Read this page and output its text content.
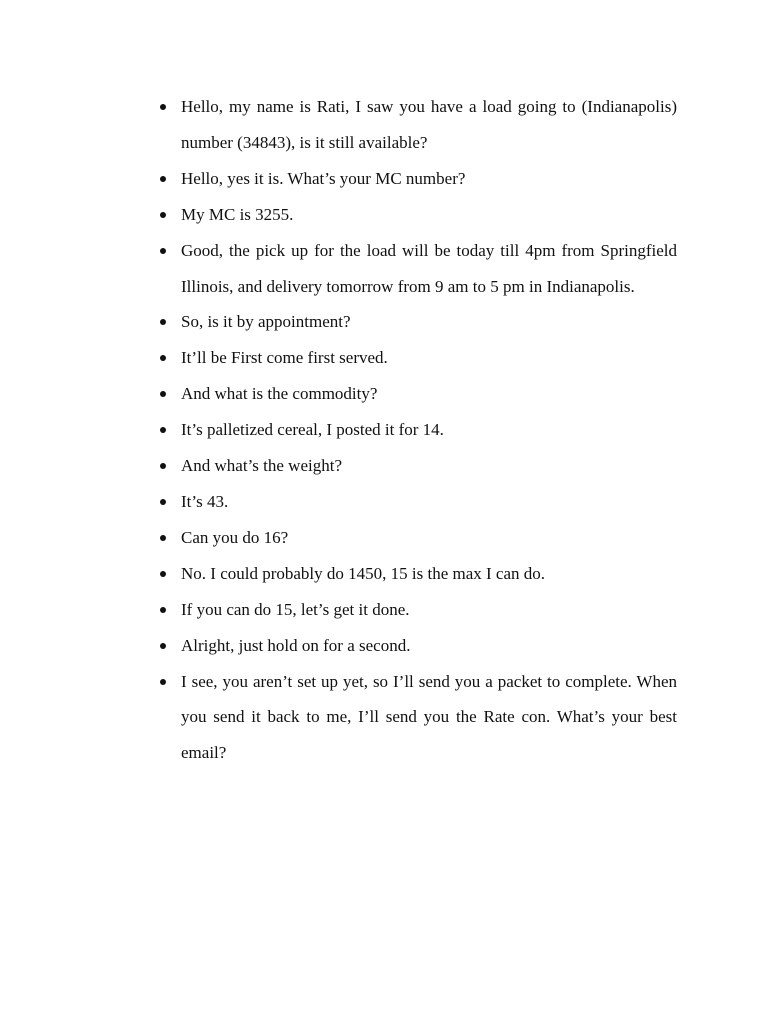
Hello, my name is Rati, I saw you have a load going to (Indianapolis) number (34843), is it still available?
Hello, yes it is. What’s your MC number?
My MC is 3255.
Good, the pick up for the load will be today till 4pm from Springfield Illinois, and delivery tomorrow from 9 am to 5 pm in Indianapolis.
So, is it by appointment?
It’ll be First come first served.
And what is the commodity?
It’s palletized cereal, I posted it for 14.
And what’s the weight?
It’s 43.
Can you do 16?
No. I could probably do 1450, 15 is the max I can do.
If you can do 15, let’s get it done.
Alright, just hold on for a second.
I see, you aren’t set up yet, so I’ll send you a packet to complete. When you send it back to me, I’ll send you the Rate con. What’s your best email?
